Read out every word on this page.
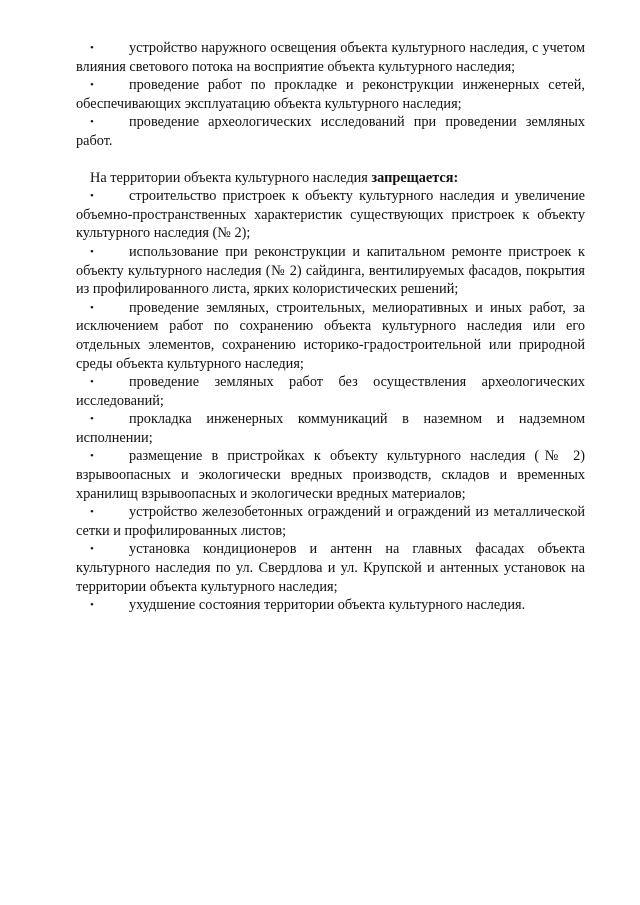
•	устройство наружного освещения объекта культурного наследия, с учетом влияния светового потока на восприятие объекта культурного наследия;

•	проведение работ по прокладке и реконструкции инженерных сетей, обеспечивающих эксплуатацию объекта культурного наследия;

•	проведение археологических исследований при проведении земляных работ.

На территории объекта культурного наследия запрещается:

•	строительство пристроек к объекту культурного наследия и увеличение объемно-пространственных характеристик существующих пристроек к объекту культурного наследия (№ 2);

•	использование при реконструкции и капитальном ремонте пристроек к объекту культурного наследия (№ 2) сайдинга, вентилируемых фасадов, покрытия из профилированного листа, ярких колористических решений;

•	проведение земляных, строительных, мелиоративных и иных работ, за исключением работ по сохранению объекта культурного наследия или его отдельных элементов, сохранению историко-градостроительной или природной среды объекта культурного наследия;

•	проведение земляных работ без осуществления археологических исследований;

•	прокладка инженерных коммуникаций в наземном и надземном исполнении;

•	размещение в пристройках к объекту культурного наследия (№ 2) взрывоопасных и экологически вредных производств, складов и временных хранилищ взрывоопасных и экологически вредных материалов;

•	устройство железобетонных ограждений и ограждений из металлической сетки и профилированных листов;

•	установка кондиционеров и антенн на главных фасадах объекта культурного наследия по ул. Свердлова и ул. Крупской и антенных установок на территории объекта культурного наследия;

•	ухудшение состояния территории объекта культурного наследия.
